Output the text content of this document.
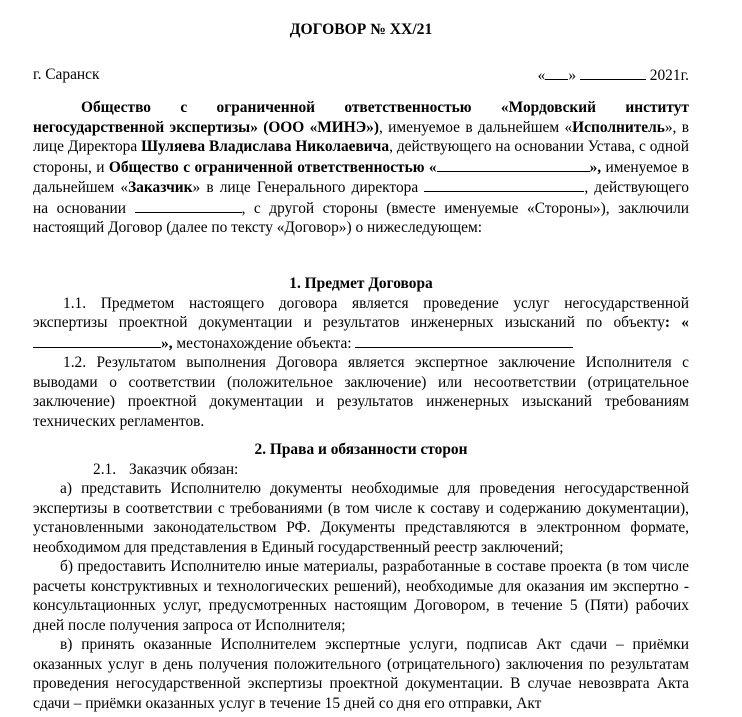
ДОГОВОР № ХХ/21
г. Саранск	« »	2021г.

Общество с ограниченной ответственностью «Мордовский институт негосударственной экспертизы» (ООО «МИНЭ»), именуемое в дальнейшем «Исполнитель», в лице Директора Шуляева Владислава Николаевича, действующего на основании Устава, с одной стороны, и Общество с ограниченной ответственностью «	», именуемое в дальнейшем «Заказчик» в лице Генерального директора	, действующего на основании	, с другой стороны (вместе именуемые «Стороны»), заключили настоящий Договор (далее по тексту «Договор») о нижеследующем:

1. Предмет Договора

1.1. Предметом настоящего договора является проведение услуг негосударственной экспертизы проектной документации и результатов инженерных изысканий по объекту: «», местонахождение объекта:

1.2. Результатом выполнения Договора является экспертное заключение Исполнителя с выводами о соответствии (положительное заключение) или несоответствии (отрицательное заключение) проектной документации и результатов инженерных изысканий требованиям технических регламентов.

2. Права и обязанности сторон

2.1. Заказчик обязан:

а) представить Исполнителю документы необходимые для проведения негосударственной экспертизы в соответствии с требованиями (в том числе к составу и содержанию документации), установленными законодательством РФ. Документы представляются в электронном формате, необходимом для представления в Единый государственный реестр заключений;

б) предоставить Исполнителю иные материалы, разработанные в составе проекта (в том числе расчеты конструктивных и технологических решений), необходимые для оказания им экспертно - консультационных услуг, предусмотренных настоящим Договором, в течение 5 (Пяти) рабочих дней после получения запроса от Исполнителя;

в) принять оказанные Исполнителем экспертные услуги, подписав Акт сдачи – приёмки оказанных услуг в день получения положительного (отрицательного) заключения по результатам проведения негосударственной экспертизы проектной документации. В случае невозврата Акта сдачи – приёмки оказанных услуг в течение 15 дней со дня его отправки, Акт
